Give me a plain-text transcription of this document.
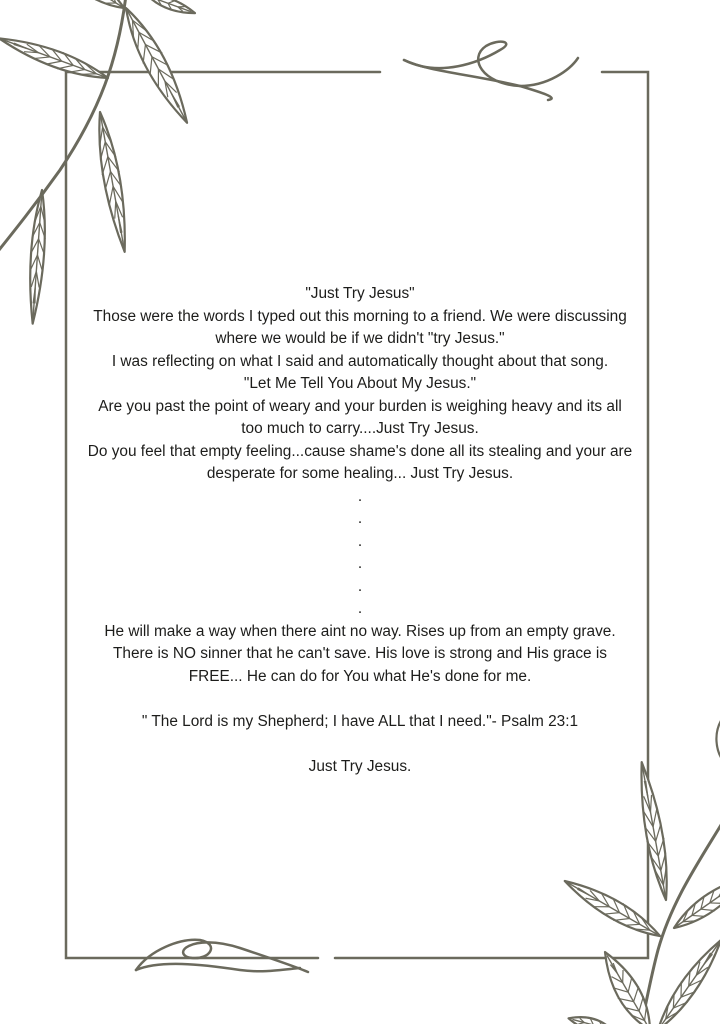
"Just Try Jesus"

Those were the words I typed out this morning to a friend. We were discussing where we would be if we didn't "try Jesus."

I was reflecting on what I said and automatically thought about that song.

"Let Me Tell You About My Jesus."

Are you past the point of weary and your burden is weighing heavy and its all too much to carry....Just Try Jesus.

Do you feel that empty feeling...cause shame's done all its stealing and your are desperate for some healing... Just Try Jesus.

.

.

.

.

.

.

He will make a way when there aint no way. Rises up from an empty grave. There is NO sinner that he can't save. His love is strong and His grace is FREE... He can do for You what He's done for me.

" The Lord is my Shepherd; I have ALL that I need."- Psalm 23:1

Just Try Jesus.
